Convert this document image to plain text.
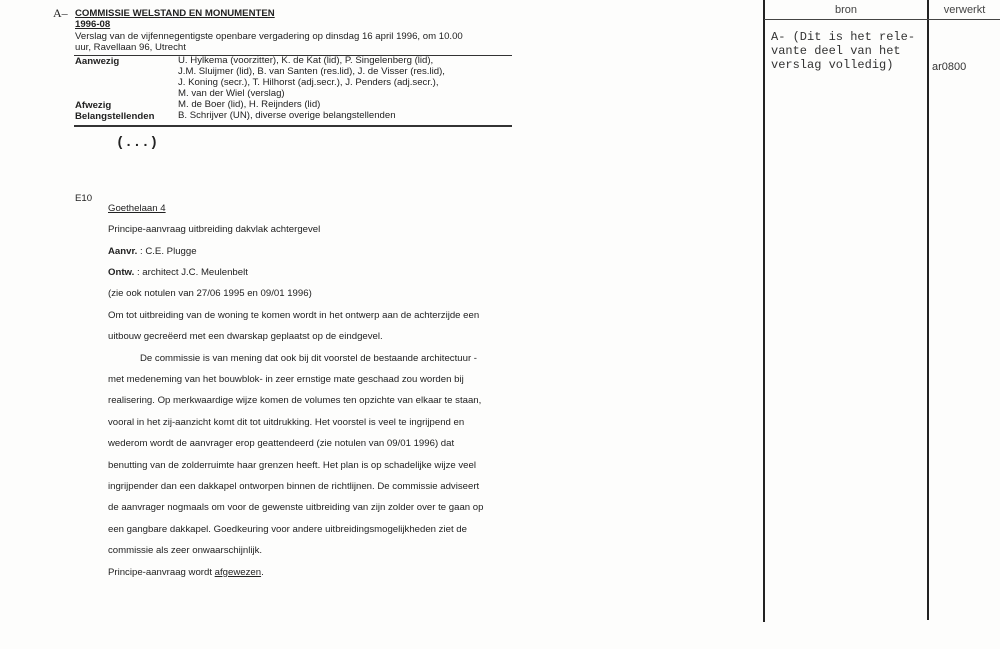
A– COMMISSIE WELSTAND EN MONUMENTEN
1996-08
Verslag van de vijfennegentigste openbare vergadering op dinsdag 16 april 1996, om 10.00
uur, Ravellaan 96, Utrecht
Aanwezig	U. Hylkema (voorzitter), K. de Kat (lid), P. Singelenberg (lid),
J.M. Sluijmer (lid), B. van Santen (res.lid), J. de Visser (res.lid),
J. Koning (secr.), T. Hilhorst (adj.secr.), J. Penders (adj.secr.),
M. van der Wiel (verslag)
Afwezig	M. de Boer (lid), H. Reijnders (lid)
Belangstellenden B. Schrijver (UN), diverse overige belangstellenden
(...)
E10

Goethelaan 4

Principe-aanvraag uitbreiding dakvlak achtergevel

Aanvr. : C.E. Plugge

Ontw. : architect J.C. Meulenbelt

(zie ook notulen van 27/06 1995 en 09/01 1996)

Om tot uitbreiding van de woning te komen wordt in het ontwerp aan de achterzijde een

uitbouw gecreëerd met een dwarskap geplaatst op de eindgevel.

De commissie is van mening dat ook bij dit voorstel de bestaande architectuur -

met medeneming van het bouwblok- in zeer ernstige mate geschaad zou worden bij

realisering. Op merkwaardige wijze komen de volumes ten opzichte van elkaar te staan,

vooral in het zij-aanzicht komt dit tot uitdrukking. Het voorstel is veel te ingrijpend en

wederom wordt de aanvrager erop geattendeerd (zie notulen van 09/01 1996) dat

benutting van de zolderruimte haar grenzen heeft. Het plan is op schadelijke wijze veel

ingrijpender dan een dakkapel ontworpen binnen de richtlijnen. De commissie adviseert

de aanvrager nogmaals om voor de gewenste uitbreiding van zijn zolder over te gaan op

een gangbare dakkapel. Goedkeuring voor andere uitbreidingsmogelijkheden ziet de

commissie als zeer onwaarschijnlijk.

Principe-aanvraag wordt afgewezen.

bron	verwerkt
A- (Dit is het rele-
vante deel van het
verslag volledig)	ar0800
